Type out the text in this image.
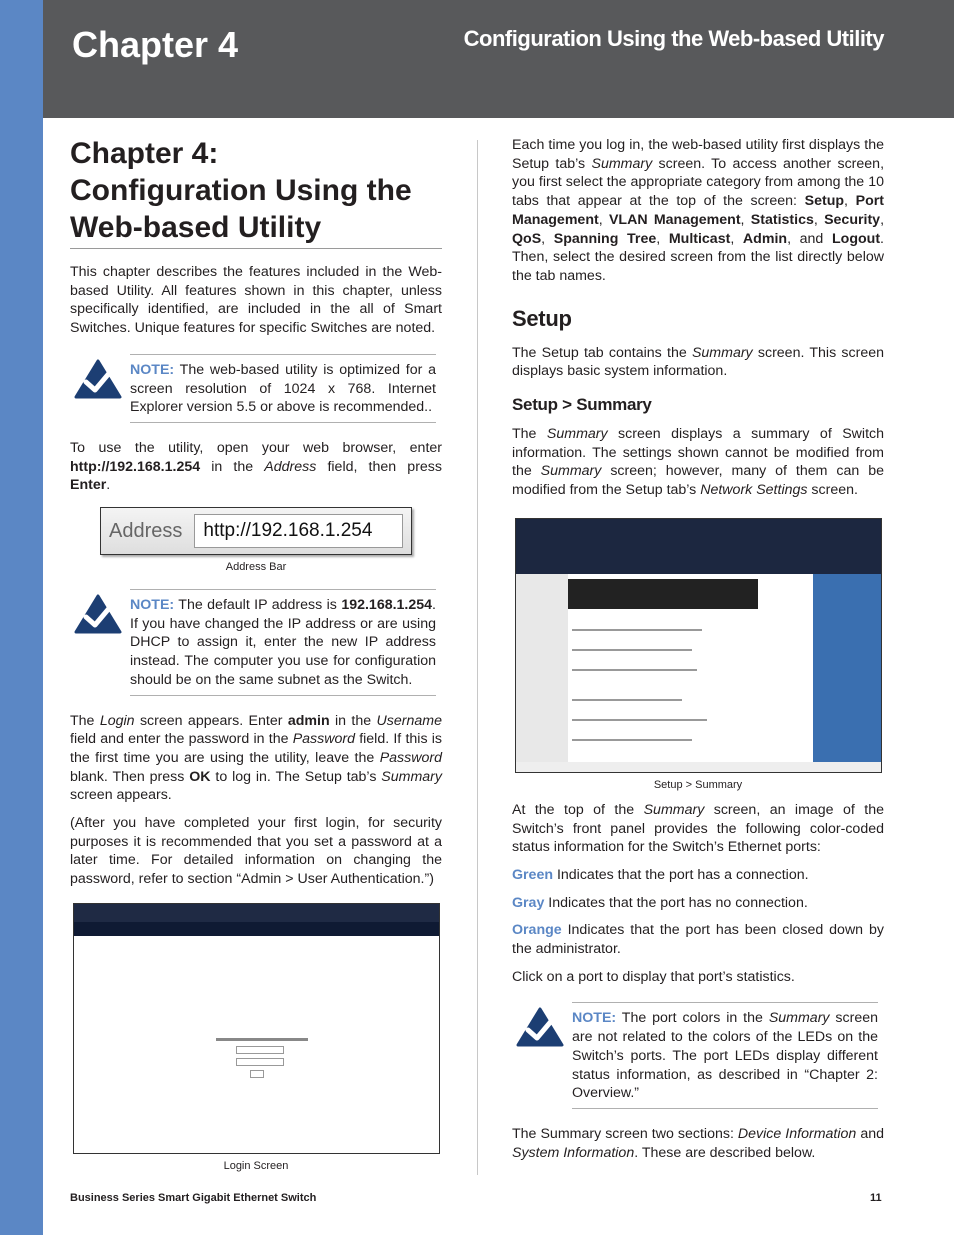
Chapter 4	Configuration Using the Web-based Utility
Chapter 4:
Configuration Using the
Web-based Utility

This chapter describes the features included in the Web-based Utility. All features shown in this chapter, unless specifically identified, are included in the all of Smart Switches. Unique features for specific Switches are noted.

NOTE: The web-based utility is optimized for a screen resolution of 1024 x 768. Internet Explorer version 5.5 or above is recommended..

To use the utility, open your web browser, enter http://192.168.1.254 in the Address field, then press Enter.

Address	http://192.168.1.254
Address Bar

NOTE: The default IP address is 192.168.1.254. If you have changed the IP address or are using DHCP to assign it, enter the new IP address instead. The computer you use for configuration should be on the same subnet as the Switch.

The Login screen appears. Enter admin in the Username field and enter the password in the Password field. If this is the first time you are using the utility, leave the Password blank. Then press OK to log in. The Setup tab’s Summary screen appears.

(After you have completed your first login, for security purposes it is recommended that you set a password at a later time. For detailed information on changing the password, refer to section “Admin > User Authentication.”)

Login Screen

Each time you log in, the web-based utility first displays the Setup tab’s Summary screen. To access another screen, you first select the appropriate category from among the 10 tabs that appear at the top of the screen: Setup, Port Management, VLAN Management, Statistics, Security, QoS, Spanning Tree, Multicast, Admin, and Logout. Then, select the desired screen from the list directly below the tab names.

Setup

The Setup tab contains the Summary screen. This screen displays basic system information.

Setup > Summary

The Summary screen displays a summary of Switch information. The settings shown cannot be modified from the Summary screen; however, many of them can be modified from the Setup tab’s Network Settings screen.

Setup > Summary

At the top of the Summary screen, an image of the Switch’s front panel provides the following color-coded status information for the Switch’s Ethernet ports:

Green Indicates that the port has a connection.

Gray Indicates that the port has no connection.

Orange Indicates that the port has been closed down by the administrator.

Click on a port to display that port’s statistics.

NOTE: The port colors in the Summary screen are not related to the colors of the LEDs on the Switch’s ports. The port LEDs display different status information, as described in “Chapter 2: Overview.”

The Summary screen two sections: Device Information and System Information. These are described below.

Business Series Smart Gigabit Ethernet Switch	11
